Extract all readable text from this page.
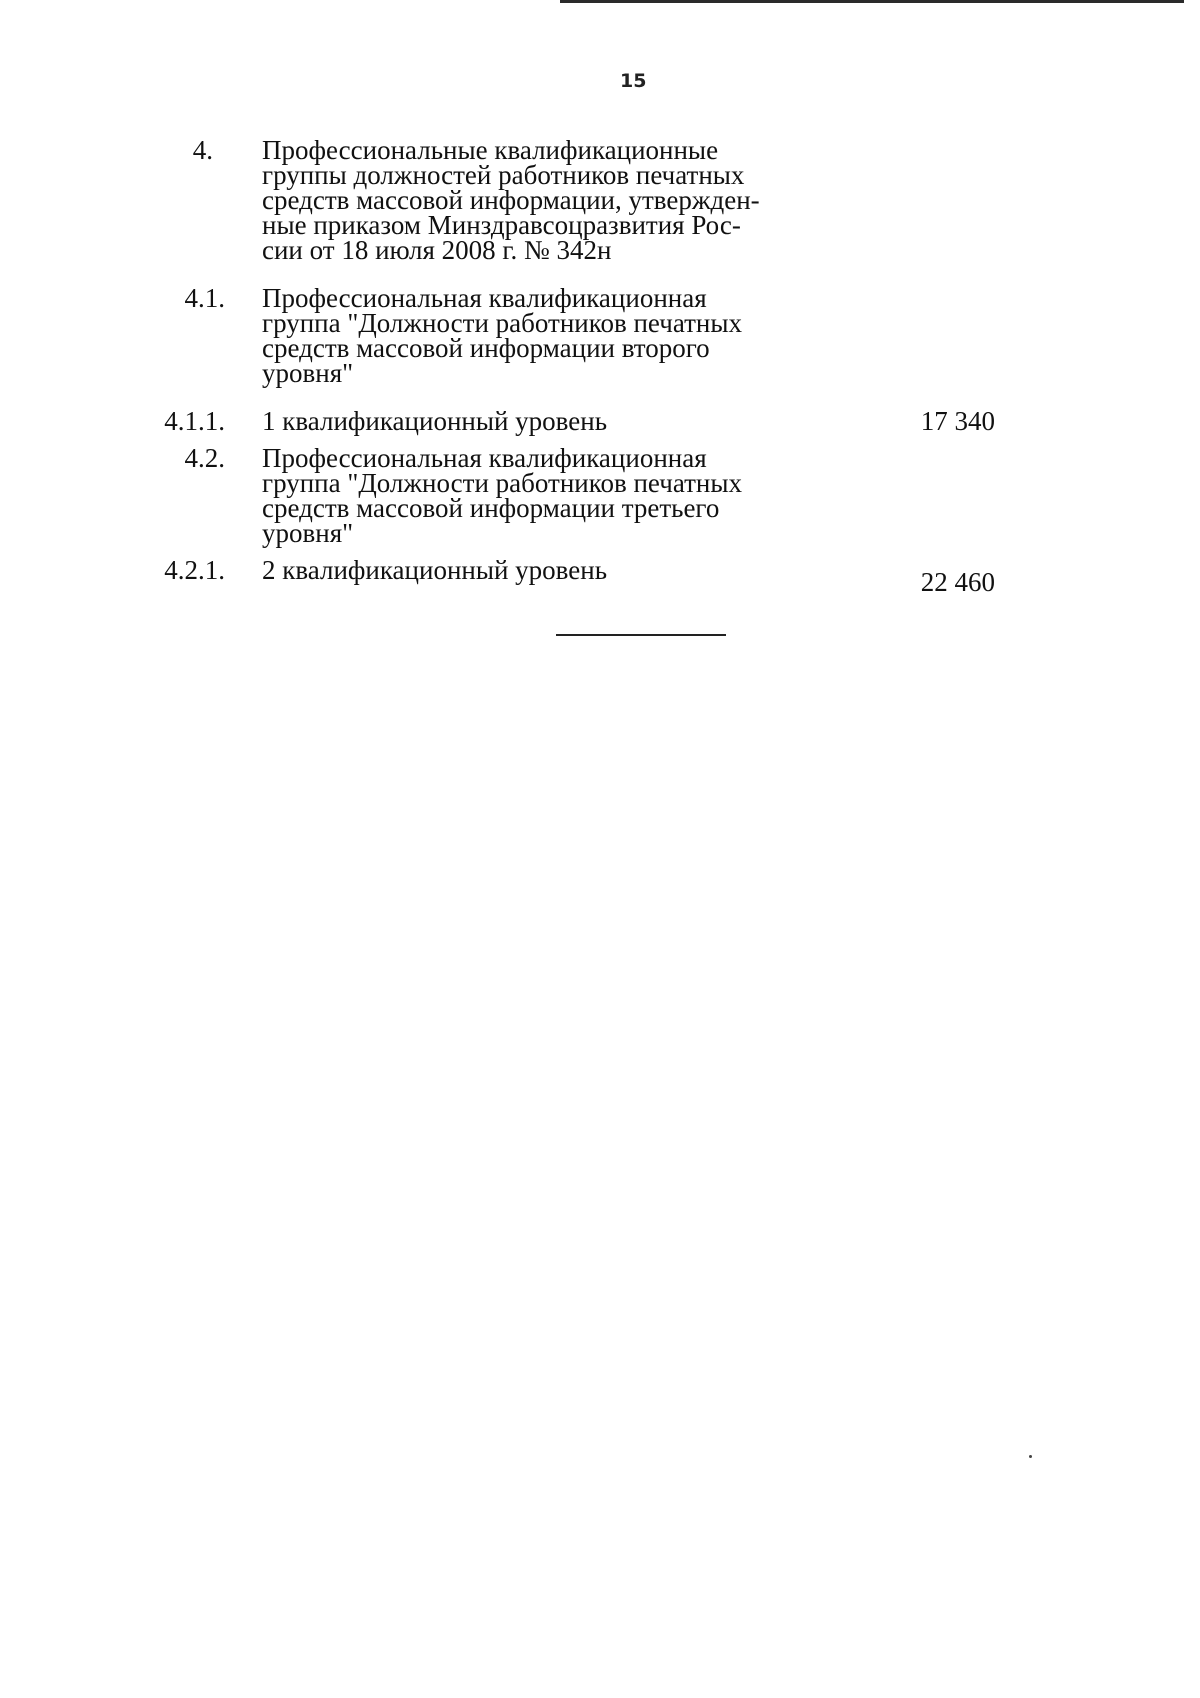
15
4. Профессиональные квалификационные
группы должностей работников печатных
средств массовой информации, утвержден-
ные приказом Минздравсоцразвития Рос-
сии от 18 июля 2008 г. № 342н
4.1. Профессиональная квалификационная
группа "Должности работников печатных
средств массовой информации второго
уровня"
4.1.1. 1 квалификационный уровень	17 340
4.2. Профессиональная квалификационная
группа "Должности работников печатных
средств массовой информации третьего
уровня"
4.2.1. 2 квалификационный уровень	22 460
